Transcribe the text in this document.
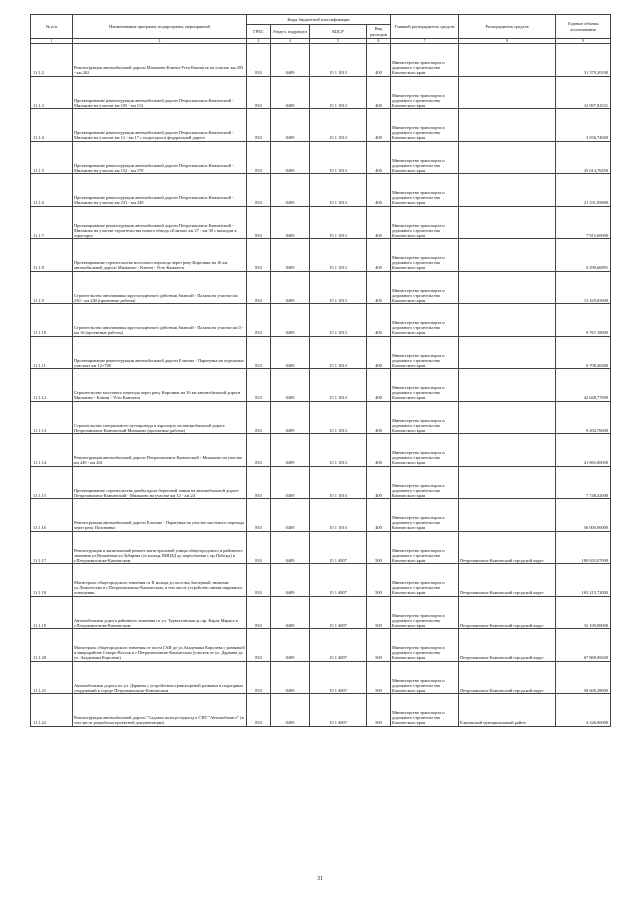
№ п/п	Наименование программ, подпрограмм, мероприятий	Коды бюджетной классификации				Главный распорядитель средств	Распорядитель средств	Годовые объемы ассигнования
		ГРБС	Раздел, подраздел	КЦСР	Вид расходов			
1	2	3	4	5	6	7	8	9
11.1.2	Реконструкция автомобильной дороги Мильково-Ключи-Усть-Камчатск на участке км 203 - км 262	833	0409	15 1 1013	400	Министерство транспорта и дорожного строительства Камчатского края		31 379,20100
11.1.3	Проектирование реконструкции автомобильной дороги Петропавловск-Камчатский - Мильково на участке км 105 - км 112	833	0409	15 1 1013	400	Министерство транспорта и дорожного строительства Камчатского края		12 097,82531
11.1.4	Проектирование реконструкции автомобильной дороги Петропавловск-Камчатский - Мильково на участке км 12 - км 17 с подъездом к федеральной дороге	833	0409	15 1 1013	400	Министерство транспорта и дорожного строительства Камчатского края		3 036,74000
11.1.5	Проектирование реконструкции автомобильной дороги Петропавловск-Камчатский - Мильково на участке км 152 - км 170	833	0409	15 1 1013	400	Министерство транспорта и дорожного строительства Камчатского края		35 614,76450
11.1.6	Проектирование реконструкции автомобильной дороги Петропавловск-Камчатский - Мильково на участке км 231 - км 249	833	0409	15 1 1013	400	Министерство транспорта и дорожного строительства Камчатского края		21 331,85800
11.1.7	Проектирование реконструкции автомобильной дороги Петропавловск-Камчатский - Мильково на участке строительства нового обхода г.Елизово км 27 - км 30 с выходом к аэропорту	833	0409	15 1 1013	400	Министерство транспорта и дорожного строительства Камчатского края		7 915,00000
11.1.8	Проектирование строительства мостового перехода через реку Кирганик на 16 км автомобильной дороги Мильково - Ключи - Усть-Камчатск	833	0409	15 1 1013	400	Министерство транспорта и дорожного строительства Камчатского края		6 299,66891
11.1.9	Строительство автозимника круглогодичного действия Анавгай - Палана на участке км 230 - км 240 (проектные работы)	833	0409	15 1 1013	400	Министерство транспорта и дорожного строительства Камчатского края		13 429,05000
11.1.10	Строительство автозимника круглогодичного действия Анавгай - Палана на участке км 0 - км 16 (проектные работы)	833	0409	15 1 1013	400	Министерство транспорта и дорожного строительства Камчатского края		9 767,18000
11.1.11	Проектирование реконструкции автомобильной дороги Елизово - Паратунка на отдельных участках км 12+700	833	0409	15 1 1013	400	Министерство транспорта и дорожного строительства Камчатского края		6 708,40488
11.1.12	Строительство мостового перехода через реку Кирганик на 16 км автомобильной дороги Мильково - Ключи - Усть-Камчатск	833	0409	15 1 1013	400	Министерство транспорта и дорожного строительства Камчатского края		42 648,77000
11.1.13	Строительство специального путепровода в аэропорту на автомобильной дороге Петропавловск-Камчатский-Мильково (проектные работы)	833	0409	15 1 1013	400	Министерство транспорта и дорожного строительства Камчатского края		9 204,76000
11.1.14	Реконструкция автомобильной дороги Петропавловск-Камчатский - Мильково на участке км 249 - км 261	833	0409	15 1 1013	400	Министерство транспорта и дорожного строительства Камчатского края		41 865,00000
11.1.15	Проектирование строительства дамбы вдоль береговой линии на автомобильной дороге Петропавловск-Камчатский - Мильково на участке км 12 - км 24	833	0409	15 1 1013	400	Министерство транспорта и дорожного строительства Камчатского края		7 748,42000
11.1.16	Реконструкция автомобильной дороги Елизово - Паратунка на участке мостового перехода через реку Половинка	833	0409	15 1 1013	400	Министерство транспорта и дорожного строительства Камчатского края		56 000,00000
11.1.17	Реконструкция и капитальный ремонт магистральной улицы общегородского и районного значения ул.Вулканная-ул.Зубарева (от кольца ПИЦЗД до пересечения с пр.Победы) в г.Петропавловске-Камчатском	833	0409	15 1 4007	500	Министерство транспорта и дорожного строительства Камчатского края	Петропавловск-Камчатский городской округ	180 652,07000
11.1.18	Магистраль общегородского значения от II кольца до поселка Заозерный, включая ул.Ломоносова в г.Петропавловске-Камчатском, в том числе устройство линии наружного освещения	833	0409	15 1 4007	500	Министерство транспорта и дорожного строительства Камчатского края	Петропавловск-Камчатский городской округ	165 215,72000
11.1.19	Автомобильная дорога районного значения от ул. Туркестанская до пр. Карла Маркса в г.Петропавловске-Камчатском	833	0409	15 1 4007	500	Министерство транспорта и дорожного строительства Камчатского края	Петропавловск-Камчатский городской округ	32 100,00000
11.1.20	Магистраль общегородского значения от поста ГАИ до ул.Академика Королева с развязкой в микрорайоне Северо-Восток в г.Петропавловске-Камчатском (участок от ул. Дарвина до ул. Академика Королева)	833	0409	15 1 4007	500	Министерство транспорта и дорожного строительства Камчатского края	Петропавловск-Камчатский городской округ	67 869,08200
11.1.21	Автомобильная дорога по ул. Дарвина с устройством транспортной развязки и подпорных сооружений в городе Петропавловске-Камчатском	833	0409	15 1 4007	500	Министерство транспорта и дорожного строительства Камчатского края	Петропавловск-Камчатский городской округ	58 600,28000
11.1.22	Реконструкция автомобильной дороги "Садовое кольцо-подъезд к СНТ "Автомобилист" (в том числе разработка проектной документации)	833	0409	15 1 4007	500	Министерство транспорта и дорожного строительства Камчатского края	Елизовский муниципальный район	4 326,00000
31
